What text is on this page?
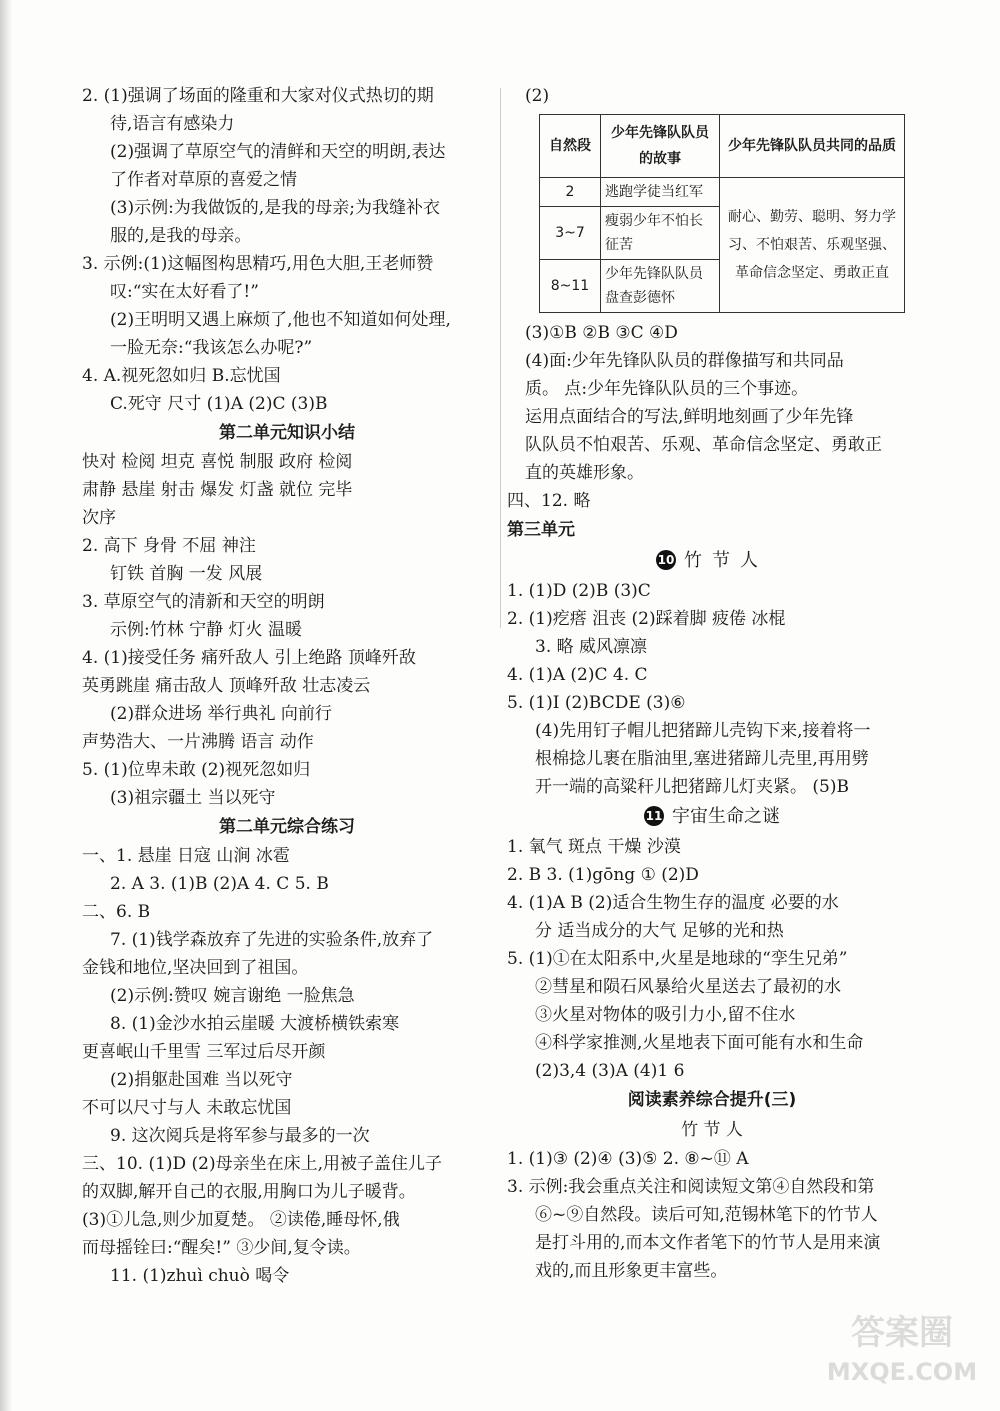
2. (1)强调了场面的隆重和大家对仪式热切的期
待,语言有感染力
(2)强调了草原空气的清鲜和天空的明朗,表达
了作者对草原的喜爱之情
(3)示例:为我做饭的,是我的母亲;为我缝补衣
服的,是我的母亲。
3. 示例:(1)这幅图构思精巧,用色大胆,王老师赞
叹:“实在太好看了!”
(2)王明明又遇上麻烦了,他也不知道如何处理,
一脸无奈:“我该怎么办呢?”
4. A.视死忽如归 B.忘忧国
C.死守 尺寸 (1)A (2)C (3)B
第二单元知识小结
快对 检阅 坦克 喜悦 制服 政府 检阅
肃静 悬崖 射击 爆发 灯盏 就位 完毕
次序
2. 高下 身骨 不屈 神注
钉铁 首胸 一发 风展
3. 草原空气的清新和天空的明朗
示例:竹林 宁静 灯火 温暖
4. (1)接受任务 痛歼敌人 引上绝路 顶峰歼敌
英勇跳崖 痛击敌人 顶峰歼敌 壮志凌云
(2)群众进场 举行典礼 向前行
声势浩大、一片沸腾 语言 动作
5. (1)位卑未敢 (2)视死忽如归
(3)祖宗疆土 当以死守
第二单元综合练习
一、1. 悬崖 日寇 山涧 冰雹
2. A 3. (1)B (2)A 4. C 5. B
二、6. B
7. (1)钱学森放弃了先进的实验条件,放弃了
金钱和地位,坚决回到了祖国。
(2)示例:赞叹 婉言谢绝 一脸焦急
8. (1)金沙水拍云崖暖 大渡桥横铁索寒
更喜岷山千里雪 三军过后尽开颜
(2)捐躯赴国难 当以死守
不可以尺寸与人 未敢忘忧国
9. 这次阅兵是将军参与最多的一次
三、10. (1)D (2)母亲坐在床上,用被子盖住儿子
的双脚,解开自己的衣服,用胸口为儿子暖背。
(3)①儿急,则少加夏楚。 ②读倦,睡母怀,俄
而母摇铨曰:“醒矣!” ③少间,复令读。
11. (1)zhuì chuò 喝令
(2)
自然段	少年先锋队队员的故事	少年先锋队队员共同的品质
2	逃跑学徒当红军	耐心、勤劳、聪明、努力学习、不怕艰苦、乐观坚强、革命信念坚定、勇敢正直
3~7	瘦弱少年不怕长征苦	
8~11	少年先锋队队员盘查彭德怀	
(3)①B ②B ③C ④D
(4)面:少年先锋队队员的群像描写和共同品
质。 点:少年先锋队队员的三个事迹。
运用点面结合的写法,鲜明地刻画了少年先锋
队队员不怕艰苦、乐观、革命信念坚定、勇敢正
直的英雄形象。
四、12. 略
第三单元
10 竹节人
1. (1)D (2)B (3)C
2. (1)疙瘩 沮丧 (2)踩着脚 疲倦 冰棍
3. 略 威风凛凛
4. (1)A (2)C 4. C
5. (1)I (2)BCDE (3)⑥
(4)先用钉子帽儿把猪蹄儿壳钩下来,接着将一
根棉捻儿裹在脂油里,塞进猪蹄儿壳里,再用劈
开一端的高粱秆儿把猪蹄儿灯夹紧。 (5)B
11 宇宙生命之谜
1. 氧气 斑点 干燥 沙漠
2. B 3. (1)gōng ① (2)D
4. (1)A B (2)适合生物生存的温度 必要的水
分 适当成分的大气 足够的光和热
5. (1)①在太阳系中,火星是地球的“孪生兄弟”
②彗星和陨石风暴给火星送去了最初的水
③火星对物体的吸引力小,留不住水
④科学家推测,火星地表下面可能有水和生命
(2)3,4 (3)A (4)1 6
阅读素养综合提升(三)
竹 节 人
1. (1)③ (2)④ (3)⑤ 2. ⑧~⑪ A
3. 示例:我会重点关注和阅读短文第④自然段和第
⑥~⑨自然段。读后可知,范锡林笔下的竹节人
是打斗用的,而本文作者笔下的竹节人是用来演
戏的,而且形象更丰富些。
答案圈
MXQE.COM
